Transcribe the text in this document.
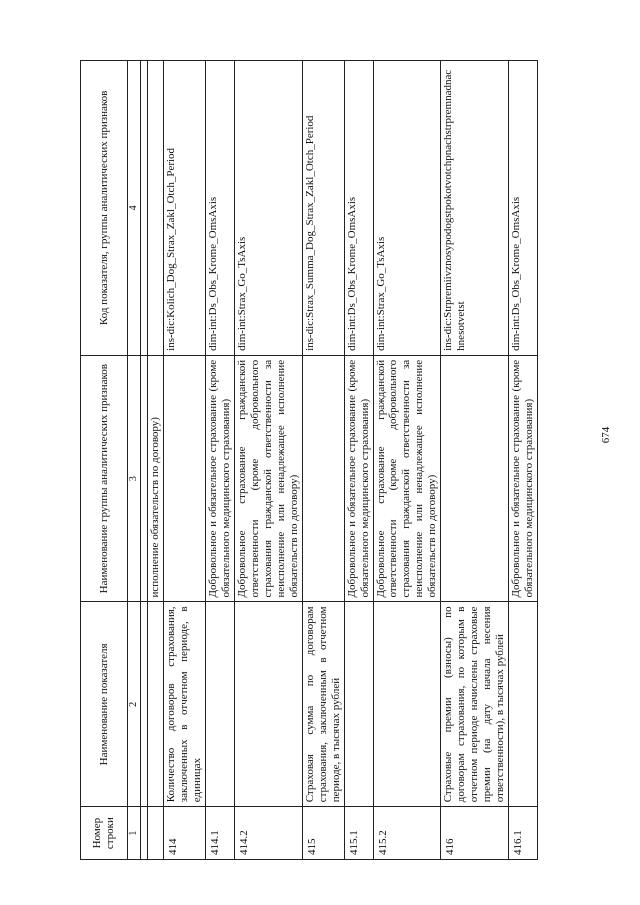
674
Номер строки	Наименование показателя	Наименование группы аналитических признаков	Код показателя, группы аналитических признаков
1	2	3	4

		исполнение обязательств по договору)	
414	Количество договоров страхования, заключенных в отчетном периоде, в единицах		ins-dic:Kolich_Dog_Strax_Zakl_Otch_Period
414.1		Добровольное и обязательное страхование (кроме обязательного медицинского страхования)	dim-int:Ds_Obs_Krome_OmsAxis
414.2		Добровольное страхование гражданской ответственности (кроме добровольного страхования гражданской ответственности за неисполнение или ненадлежащее исполнение обязательств по договору)	dim-int:Strax_Go_TsAxis
415	Страховая сумма по договорам страхования, заключенным в отчетном периоде, в тысячах рублей		ins-dic:Strax_Summa_Dog_Strax_Zakl_Otch_Period
415.1		Добровольное и обязательное страхование (кроме обязательного медицинского страхования)	dim-int:Ds_Obs_Krome_OmsAxis
415.2		Добровольное страхование гражданской ответственности (кроме добровольного страхования гражданской ответственности за неисполнение или ненадлежащее исполнение обязательств по договору)	dim-int:Strax_Go_TsAxis
416	Страховые премии (взносы) по договорам страхования, по которым в отчетном периоде начислены страховые премии (на дату начала несения ответственности), в тысячах рублей		ins-dic:Strpremiivznosypodogstpokotvotchpnachstrpremnadnachnesotvetst
416.1		Добровольное и обязательное страхование (кроме обязательного медицинского страхования)	dim-int:Ds_Obs_Krome_OmsAxis
